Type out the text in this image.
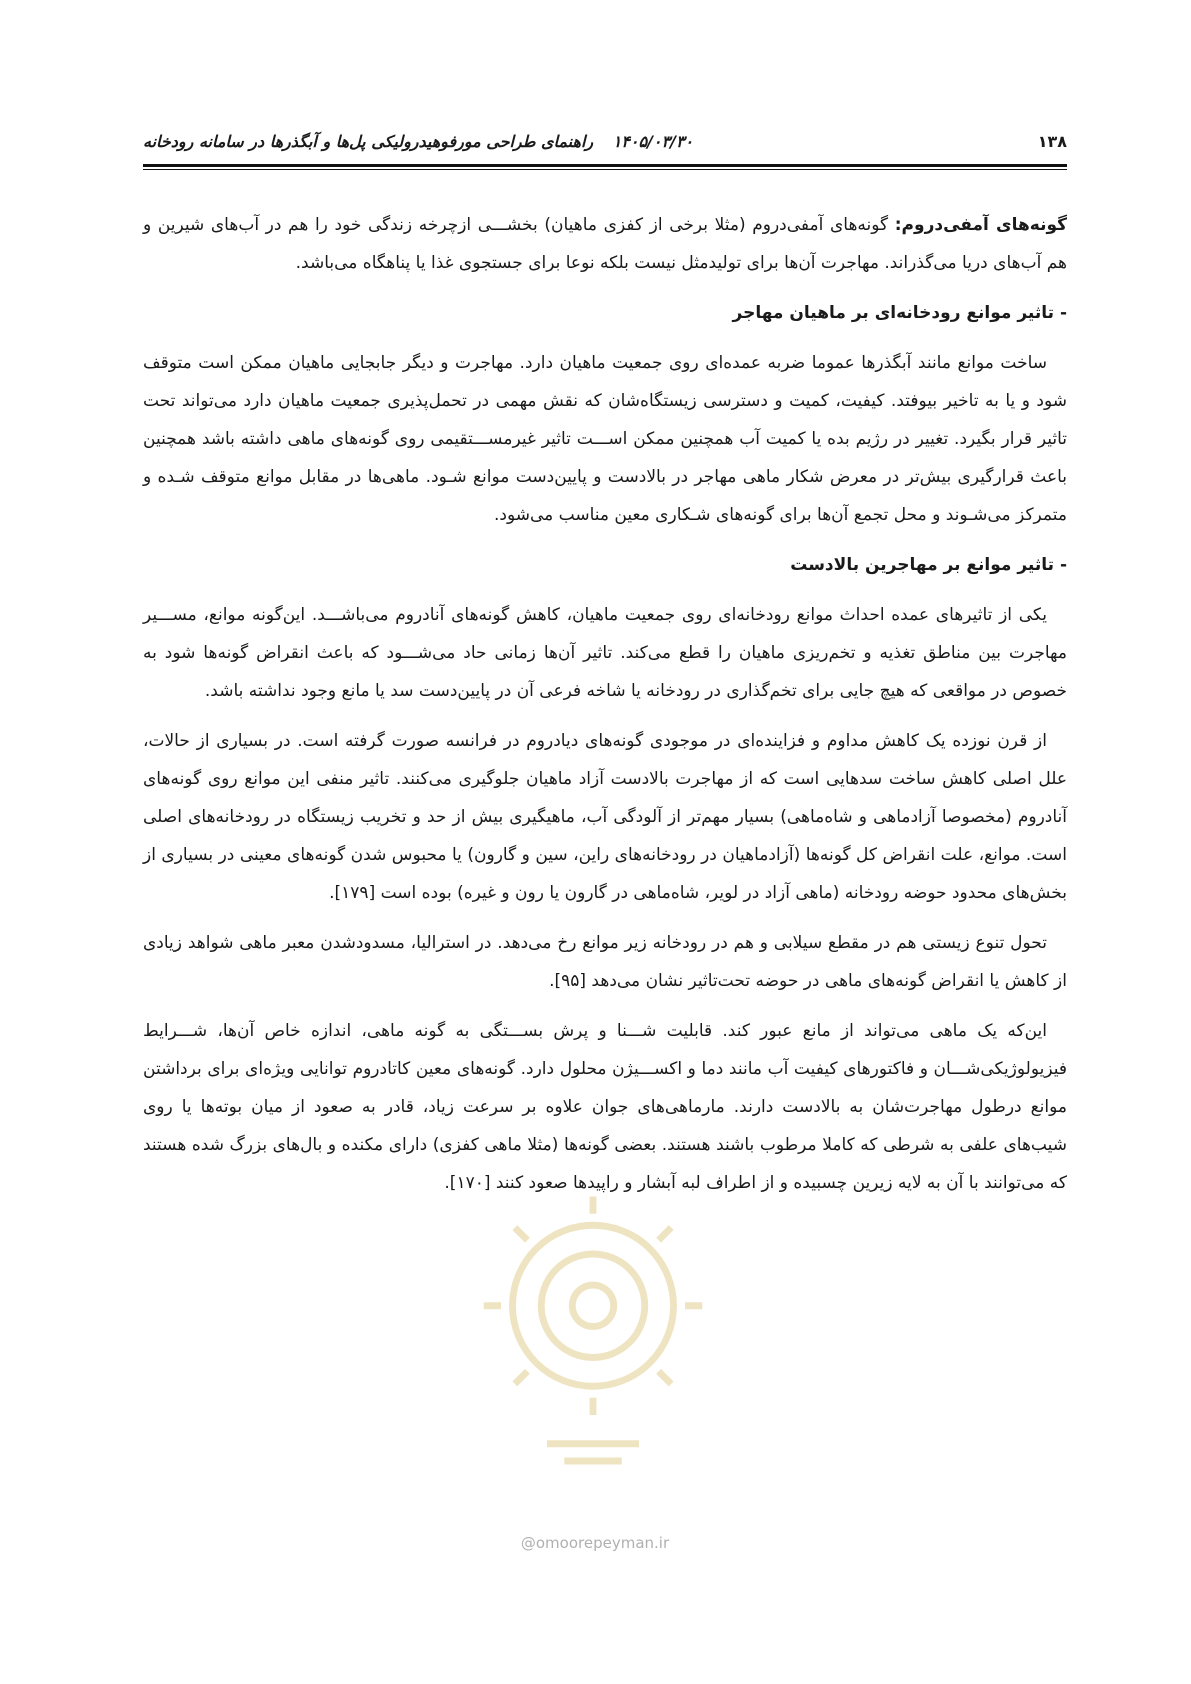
۱۳۸
۱۴۰۵/۰۳/۳۰ راهنمای طراحی مورفوهیدرولیکی پل‌ها و آبگذرها در سامانه رودخانه

گونه‌های آمفی‌دروم: گونه‌های آمفی‌دروم (مثلا برخی از کفزی ماهیان) بخشـــی ازچرخه زندگی خود را هم در آب‌های شیرین و هم آب‌های دریا می‌گذراند. مهاجرت آن‌ها برای تولیدمثل نیست بلکه نوعا برای جستجوی غذا یا پناهگاه می‌باشد.

- تاثیر موانع رودخانه‌ای بر ماهیان مهاجر

ساخت موانع مانند آبگذرها عموما ضربه عمده‌ای روی جمعیت ماهیان دارد. مهاجرت و دیگر جابجایی ماهیان ممکن است متوقف شود و یا به تاخیر بیوفتد. کیفیت، کمیت و دسترسی زیستگاه‌شان که نقش مهمی در تحمل‌پذیری جمعیت ماهیان دارد می‌تواند تحت تاثیر قرار بگیرد. تغییر در رژیم بده یا کمیت آب همچنین ممکن اســـت تاثیر غیرمســـتقیمی روی گونه‌های ماهی داشته باشد همچنین باعث قرارگیری بیش‌تر در معرض شکار ماهی مهاجر در بالادست و پایین‌دست موانع شـود. ماهی‌ها در مقابل موانع متوقف شـده و متمرکز می‌شـوند و محل تجمع آن‌ها برای گونه‌های شـکاری معین مناسب می‌شود.

- تاثیر موانع بر مهاجرین بالادست

یکی از تاثیرهای عمده احداث موانع رودخانه‌ای روی جمعیت ماهیان، کاهش گونه‌های آنادروم می‌باشـــد. این‌گونه موانع، مســـیر مهاجرت بین مناطق تغذیه و تخم‌ریزی ماهیان را قطع می‌کند. تاثیر آن‌ها زمانی حاد می‌شـــود که باعث انقراض گونه‌ها شود به خصوص در مواقعی که هیچ جایی برای تخم‌گذاری در رودخانه یا شاخه فرعی آن در پایین‌دست سد یا مانع وجود نداشته باشد.

از قرن نوزده یک کاهش مداوم و فزاینده‌ای در موجودی گونه‌های دیادروم در فرانسه صورت گرفته است. در بسیاری از حالات، علل اصلی کاهش ساخت سدهایی است که از مهاجرت بالادست آزاد ماهیان جلوگیری می‌کنند. تاثیر منفی این موانع روی گونه‌های آنادروم (مخصوصا آزادماهی و شاه‌ماهی) بسیار مهم‌تر از آلودگی آب، ماهیگیری بیش از حد و تخریب زیستگاه در رودخانه‌های اصلی است. موانع، علت انقراض کل گونه‌ها (آزادماهیان در رودخانه‌های راین، سین و گارون) یا محبوس شدن گونه‌های معینی در بسیاری از بخش‌های محدود حوضه رودخانه (ماهی آزاد در لویر، شاه‌ماهی در گارون یا رون و غیره) بوده است [۱۷۹].

تحول تنوع زیستی هم در مقطع سیلابی و هم در رودخانه زیر موانع رخ می‌دهد. در استرالیا، مسدودشدن معبر ماهی شواهد زیادی از کاهش یا انقراض گونه‌های ماهی در حوضه تحت‌تاثیر نشان می‌دهد [۹۵].

این‌که یک ماهی می‌تواند از مانع عبور کند. قابلیت شـــنا و پرش بســـتگی به گونه ماهی، اندازه خاص آن‌ها، شـــرایط فیزیولوژیکی‌شـــان و فاکتورهای کیفیت آب مانند دما و اکســـیژن محلول دارد. گونه‌های معین کاتادروم توانایی ویژه‌ای برای برداشتن موانع درطول مهاجرت‌شان به بالادست دارند. مارماهی‌های جوان علاوه بر سرعت زیاد، قادر به صعود از میان بوته‌ها یا روی شیب‌های علفی به شرطی که کاملا مرطوب باشند هستند. بعضی گونه‌ها (مثلا ماهی کفزی) دارای مکنده و بال‌های بزرگ شده هستند که می‌توانند با آن به لایه زیرین چسبیده و از اطراف لبه آبشار و راپیدها صعود کنند [۱۷۰].

@omoorepeyman.ir
